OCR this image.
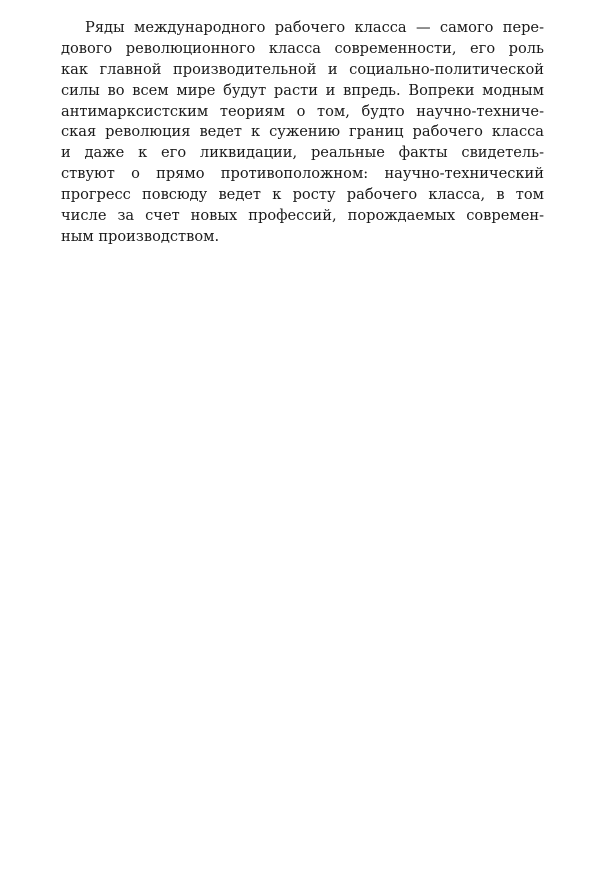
Ряды международного рабочего класса — самого пере-
дового революционного класса современности, его роль
как главной производительной и социально-политической
силы во всем мире будут расти и впредь. Вопреки модным
антимарксистским теориям о том, будто научно-техниче-
ская революция ведет к сужению границ рабочего класса
и даже к его ликвидации, реальные факты свидетель-
ствуют о прямо противоположном: научно-технический
прогресс повсюду ведет к росту рабочего класса, в том
числе за счет новых профессий, порождаемых современ-
ным производством.
